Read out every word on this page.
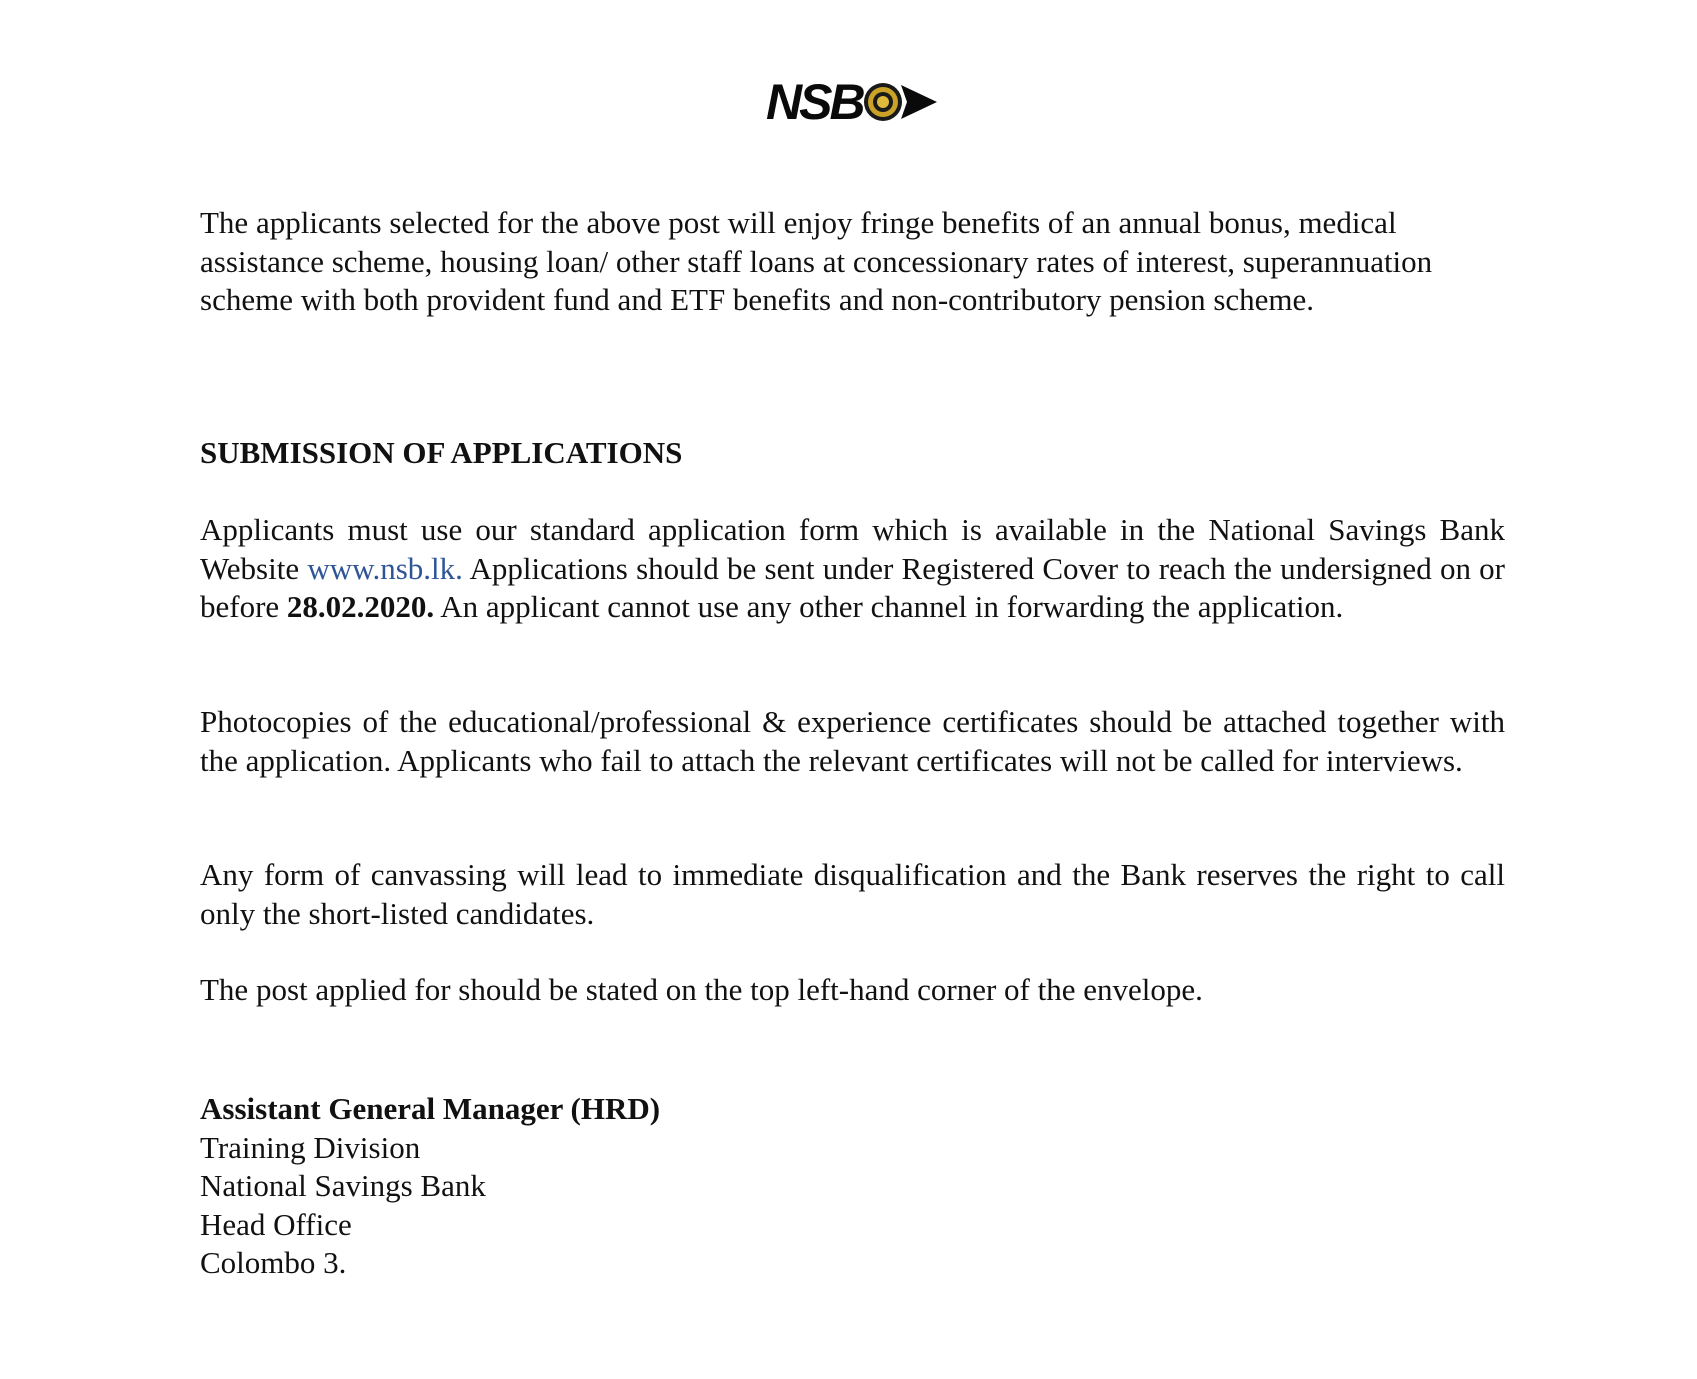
NSB

The applicants selected for the above post will enjoy fringe benefits of an annual bonus, medical assistance scheme, housing loan/ other staff loans at concessionary rates of interest, superannuation scheme with both provident fund and ETF benefits and non-contributory pension scheme.

SUBMISSION OF APPLICATIONS

Applicants must use our standard application form which is available in the National Savings Bank Website www.nsb.lk. Applications should be sent under Registered Cover to reach the undersigned on or before 28.02.2020. An applicant cannot use any other channel in forwarding the application.

Photocopies of the educational/professional & experience certificates should be attached together with the application. Applicants who fail to attach the relevant certificates will not be called for interviews.

Any form of canvassing will lead to immediate disqualification and the Bank reserves the right to call only the short-listed candidates.

The post applied for should be stated on the top left-hand corner of the envelope.

Assistant General Manager (HRD)
Training Division
National Savings Bank
Head Office
Colombo 3.
